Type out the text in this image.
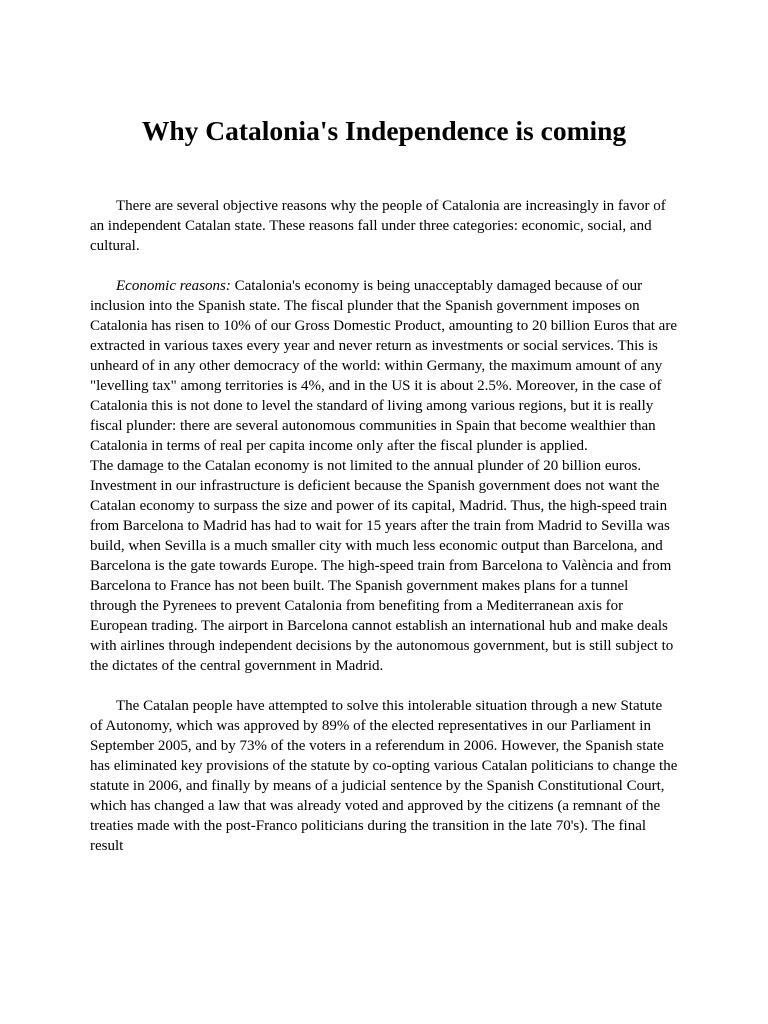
Why Catalonia's Independence is coming

There are several objective reasons why the people of Catalonia are increasingly in favor of an independent Catalan state. These reasons fall under three categories: economic, social, and cultural.

Economic reasons: Catalonia's economy is being unacceptably damaged because of our inclusion into the Spanish state. The fiscal plunder that the Spanish government imposes on Catalonia has risen to 10% of our Gross Domestic Product, amounting to 20 billion Euros that are extracted in various taxes every year and never return as investments or social services. This is unheard of in any other democracy of the world: within Germany, the maximum amount of any "levelling tax" among territories is 4%, and in the US it is about 2.5%. Moreover, in the case of Catalonia this is not done to level the standard of living among various regions, but it is really fiscal plunder: there are several autonomous communities in Spain that become wealthier than Catalonia in terms of real per capita income only after the fiscal plunder is applied.

The damage to the Catalan economy is not limited to the annual plunder of 20 billion euros. Investment in our infrastructure is deficient because the Spanish government does not want the Catalan economy to surpass the size and power of its capital, Madrid. Thus, the high-speed train from Barcelona to Madrid has had to wait for 15 years after the train from Madrid to Sevilla was build, when Sevilla is a much smaller city with much less economic output than Barcelona, and Barcelona is the gate towards Europe. The high-speed train from Barcelona to València and from Barcelona to France has not been built. The Spanish government makes plans for a tunnel through the Pyrenees to prevent Catalonia from benefiting from a Mediterranean axis for European trading. The airport in Barcelona cannot establish an international hub and make deals with airlines through independent decisions by the autonomous government, but is still subject to the dictates of the central government in Madrid.

The Catalan people have attempted to solve this intolerable situation through a new Statute of Autonomy, which was approved by 89% of the elected representatives in our Parliament in September 2005, and by 73% of the voters in a referendum in 2006. However, the Spanish state has eliminated key provisions of the statute by co-opting various Catalan politicians to change the statute in 2006, and finally by means of a judicial sentence by the Spanish Constitutional Court, which has changed a law that was already voted and approved by the citizens (a remnant of the treaties made with the post-Franco politicians during the transition in the late 70's). The final result
